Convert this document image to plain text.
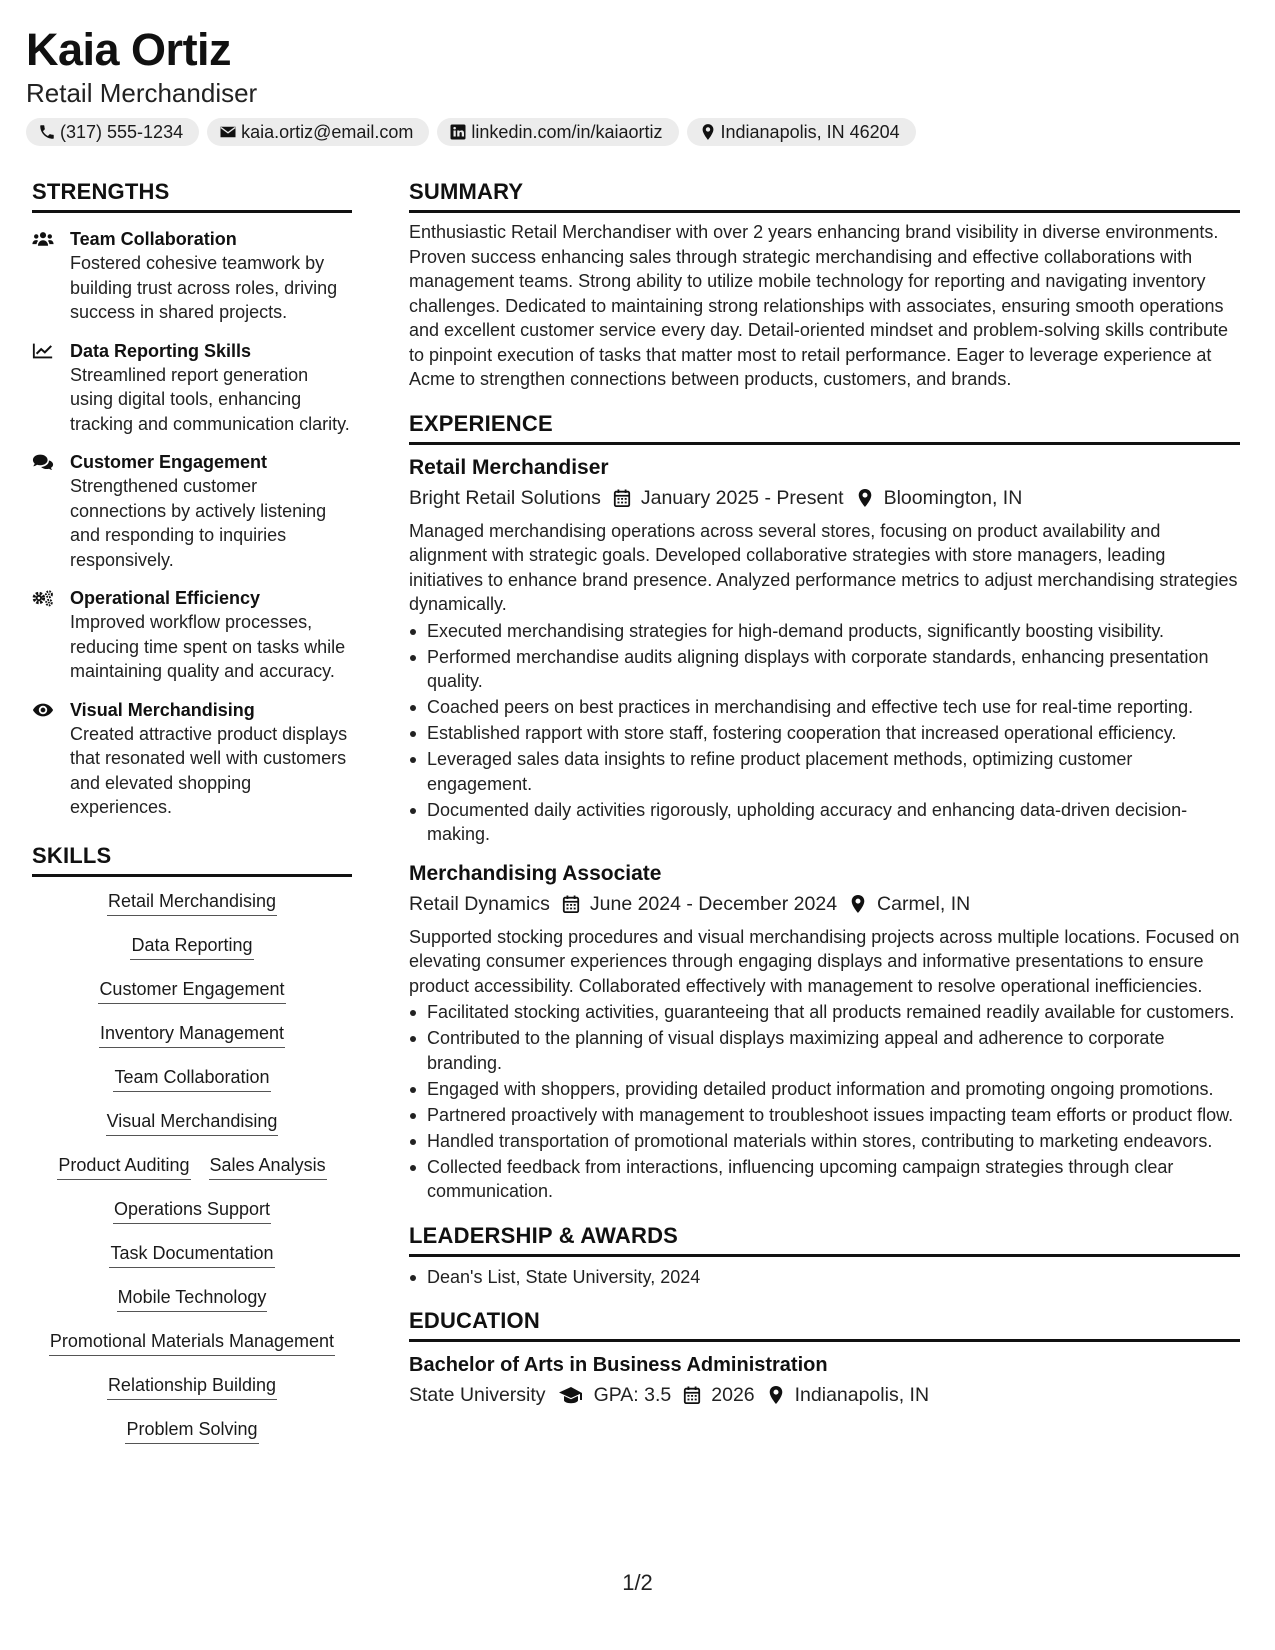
Kaia Ortiz
Retail Merchandiser
(317) 555-1234	kaia.ortiz@email.com	linkedin.com/in/kaiaortiz	Indianapolis, IN 46204
STRENGTHS
Team Collaboration
Fostered cohesive teamwork by building trust across roles, driving success in shared projects.
Data Reporting Skills
Streamlined report generation using digital tools, enhancing tracking and communication clarity.
Customer Engagement
Strengthened customer connections by actively listening and responding to inquiries responsively.
Operational Efficiency
Improved workflow processes, reducing time spent on tasks while maintaining quality and accuracy.
Visual Merchandising
Created attractive product displays that resonated well with customers and elevated shopping experiences.
SKILLS
Retail Merchandising
Data Reporting
Customer Engagement
Inventory Management
Team Collaboration
Visual Merchandising
Product Auditing Sales Analysis
Operations Support
Task Documentation
Mobile Technology
Promotional Materials Management
Relationship Building
Problem Solving
SUMMARY
Enthusiastic Retail Merchandiser with over 2 years enhancing brand visibility in diverse environments. Proven success enhancing sales through strategic merchandising and effective collaborations with management teams. Strong ability to utilize mobile technology for reporting and navigating inventory challenges. Dedicated to maintaining strong relationships with associates, ensuring smooth operations and excellent customer service every day. Detail-oriented mindset and problem-solving skills contribute to pinpoint execution of tasks that matter most to retail performance. Eager to leverage experience at Acme to strengthen connections between products, customers, and brands.
EXPERIENCE
Retail Merchandiser
Bright Retail Solutions January 2025 - Present Bloomington, IN
Managed merchandising operations across several stores, focusing on product availability and alignment with strategic goals. Developed collaborative strategies with store managers, leading initiatives to enhance brand presence. Analyzed performance metrics to adjust merchandising strategies dynamically.
Executed merchandising strategies for high-demand products, significantly boosting visibility.
Performed merchandise audits aligning displays with corporate standards, enhancing presentation quality.
Coached peers on best practices in merchandising and effective tech use for real-time reporting.
Established rapport with store staff, fostering cooperation that increased operational efficiency.
Leveraged sales data insights to refine product placement methods, optimizing customer engagement.
Documented daily activities rigorously, upholding accuracy and enhancing data-driven decision-making.
Merchandising Associate
Retail Dynamics June 2024 - December 2024 Carmel, IN
Supported stocking procedures and visual merchandising projects across multiple locations. Focused on elevating consumer experiences through engaging displays and informative presentations to ensure product accessibility. Collaborated effectively with management to resolve operational inefficiencies.
Facilitated stocking activities, guaranteeing that all products remained readily available for customers.
Contributed to the planning of visual displays maximizing appeal and adherence to corporate branding.
Engaged with shoppers, providing detailed product information and promoting ongoing promotions.
Partnered proactively with management to troubleshoot issues impacting team efforts or product flow.
Handled transportation of promotional materials within stores, contributing to marketing endeavors.
Collected feedback from interactions, influencing upcoming campaign strategies through clear communication.
LEADERSHIP & AWARDS
Dean's List, State University, 2024
EDUCATION
Bachelor of Arts in Business Administration
State University GPA: 3.5 2026 Indianapolis, IN
1/2
